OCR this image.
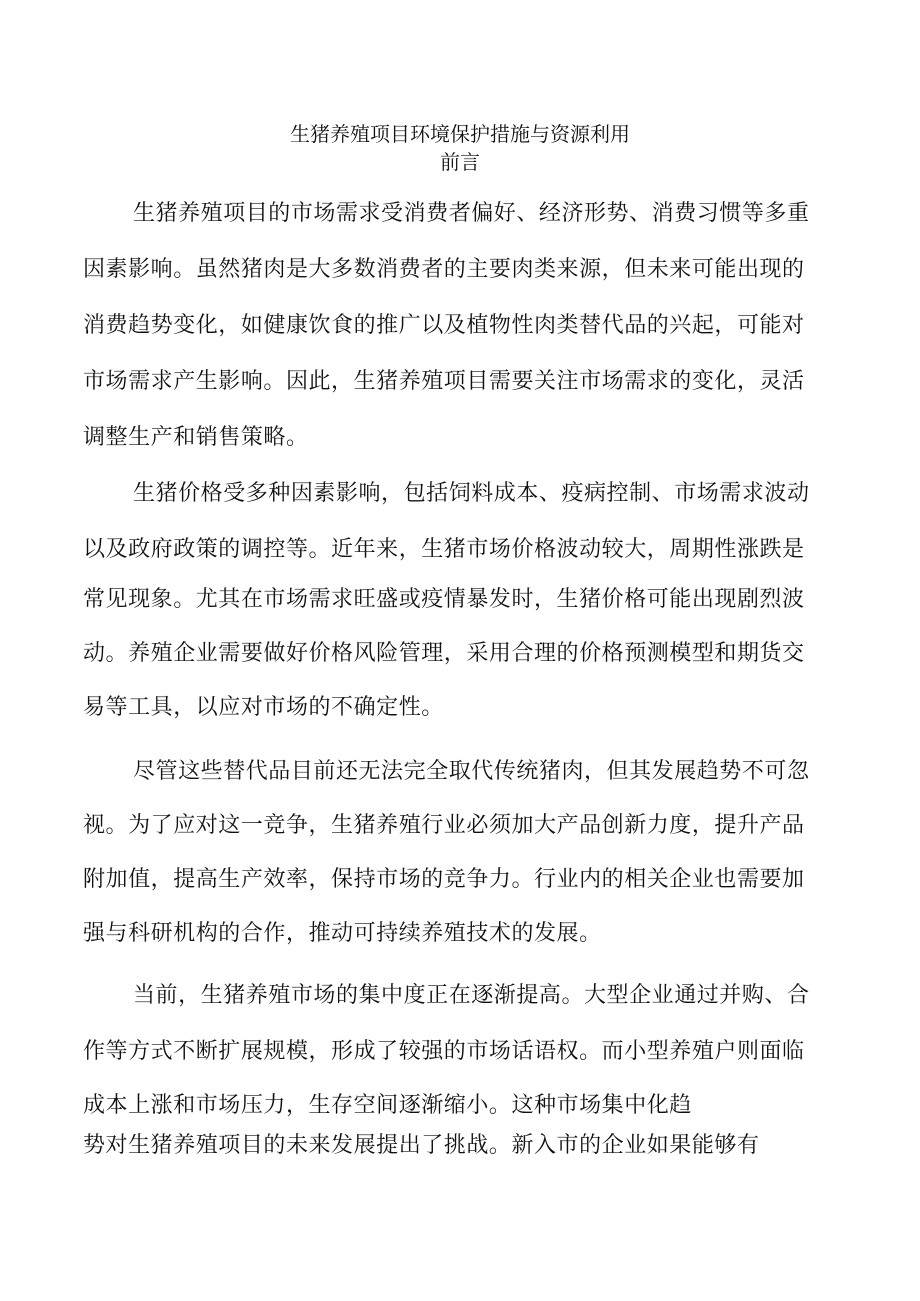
生猪养殖项目环境保护措施与资源利用
前言
生猪养殖项目的市场需求受消费者偏好、经济形势、消费习惯等多重
因素影响。虽然猪肉是大多数消费者的主要肉类来源，但未来可能出现的
消费趋势变化，如健康饮食的推广以及植物性肉类替代品的兴起，可能对
市场需求产生影响。因此，生猪养殖项目需要关注市场需求的变化，灵活
调整生产和销售策略。
生猪价格受多种因素影响，包括饲料成本、疫病控制、市场需求波动
以及政府政策的调控等。近年来，生猪市场价格波动较大，周期性涨跌是
常见现象。尤其在市场需求旺盛或疫情暴发时，生猪价格可能出现剧烈波
动。养殖企业需要做好价格风险管理，采用合理的价格预测模型和期货交
易等工具，以应对市场的不确定性。
尽管这些替代品目前还无法完全取代传统猪肉，但其发展趋势不可忽
视。为了应对这一竞争，生猪养殖行业必须加大产品创新力度，提升产品
附加值，提高生产效率，保持市场的竞争力。行业内的相关企业也需要加
强与科研机构的合作，推动可持续养殖技术的发展。
当前，生猪养殖市场的集中度正在逐渐提高。大型企业通过并购、合
作等方式不断扩展规模，形成了较强的市场话语权。而小型养殖户则面临
成本上涨和市场压力，生存空间逐渐缩小。这种市场集中化趋
势对生猪养殖项目的未来发展提出了挑战。新入市的企业如果能够有
